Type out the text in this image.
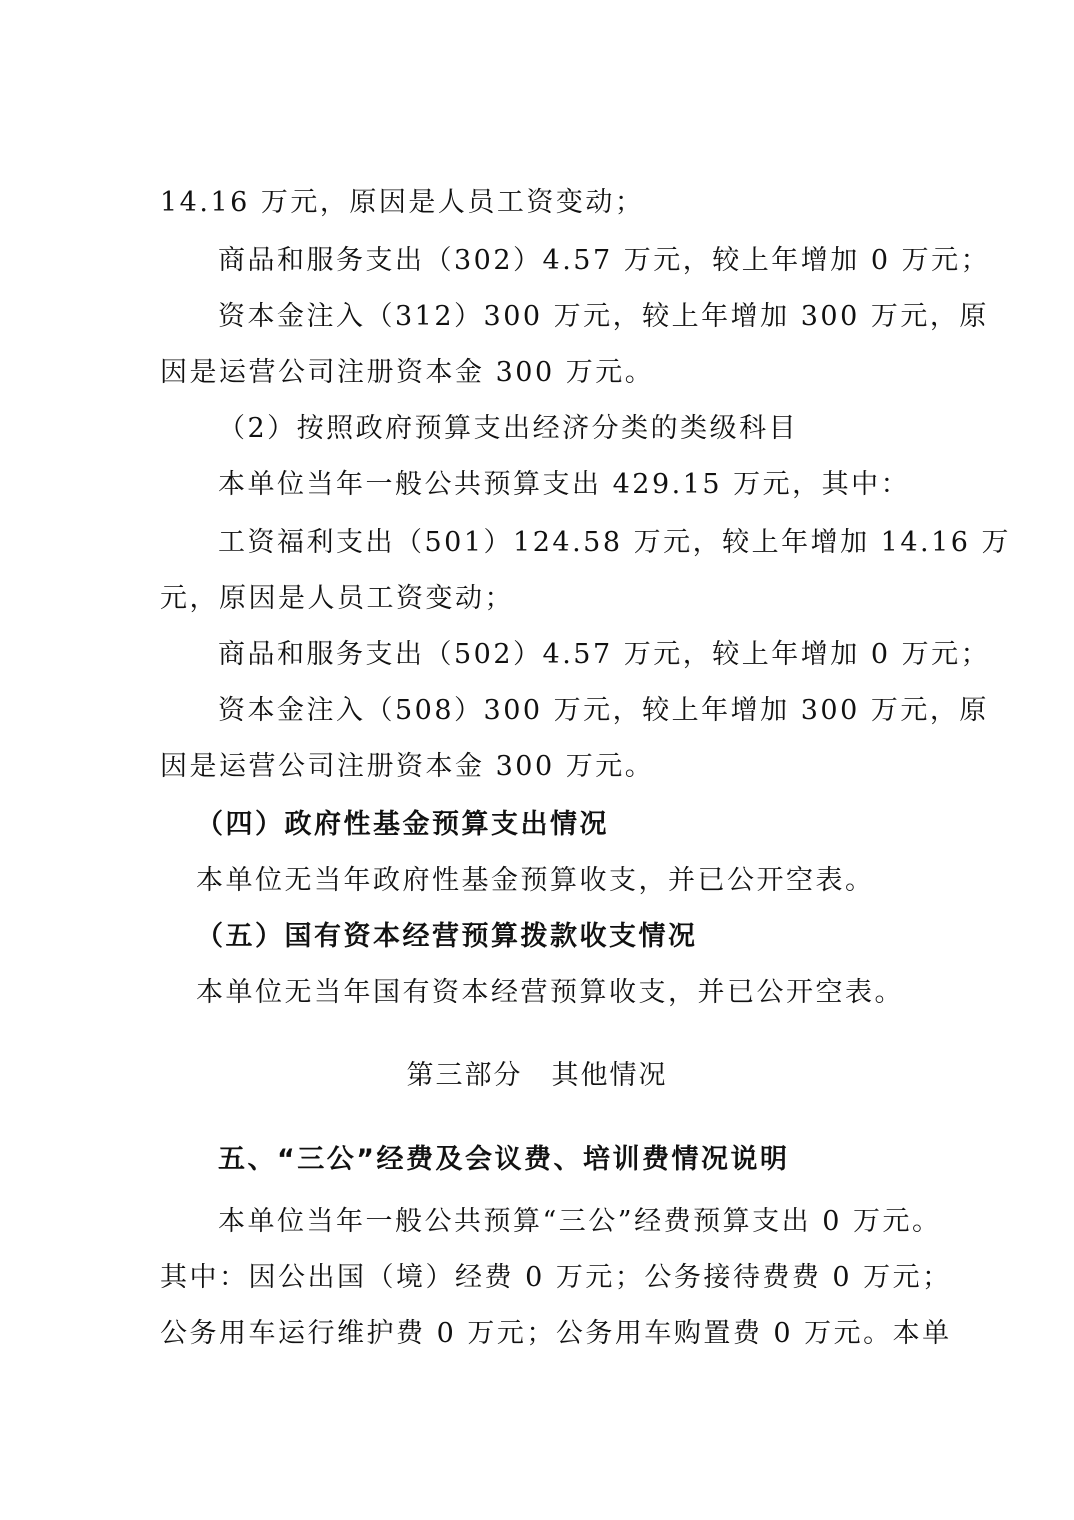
14.16 万元，原因是人员工资变动；
商品和服务支出（302）4.57 万元，较上年增加 0 万元；
资本金注入（312）300 万元，较上年增加 300 万元，原
因是运营公司注册资本金 300 万元。
（2）按照政府预算支出经济分类的类级科目
本单位当年一般公共预算支出 429.15 万元，其中：
工资福利支出（501）124.58 万元，较上年增加 14.16 万
元，原因是人员工资变动；
商品和服务支出（502）4.57 万元，较上年增加 0 万元；
资本金注入（508）300 万元，较上年增加 300 万元，原
因是运营公司注册资本金 300 万元。
（四）政府性基金预算支出情况
本单位无当年政府性基金预算收支，并已公开空表。
（五）国有资本经营预算拨款收支情况
本单位无当年国有资本经营预算收支，并已公开空表。
第三部分　其他情况
五、“三公”经费及会议费、培训费情况说明
本单位当年一般公共预算“三公”经费预算支出 0 万元。
其中：因公出国（境）经费 0 万元；公务接待费费 0 万元；
公务用车运行维护费 0 万元；公务用车购置费 0 万元。本单
